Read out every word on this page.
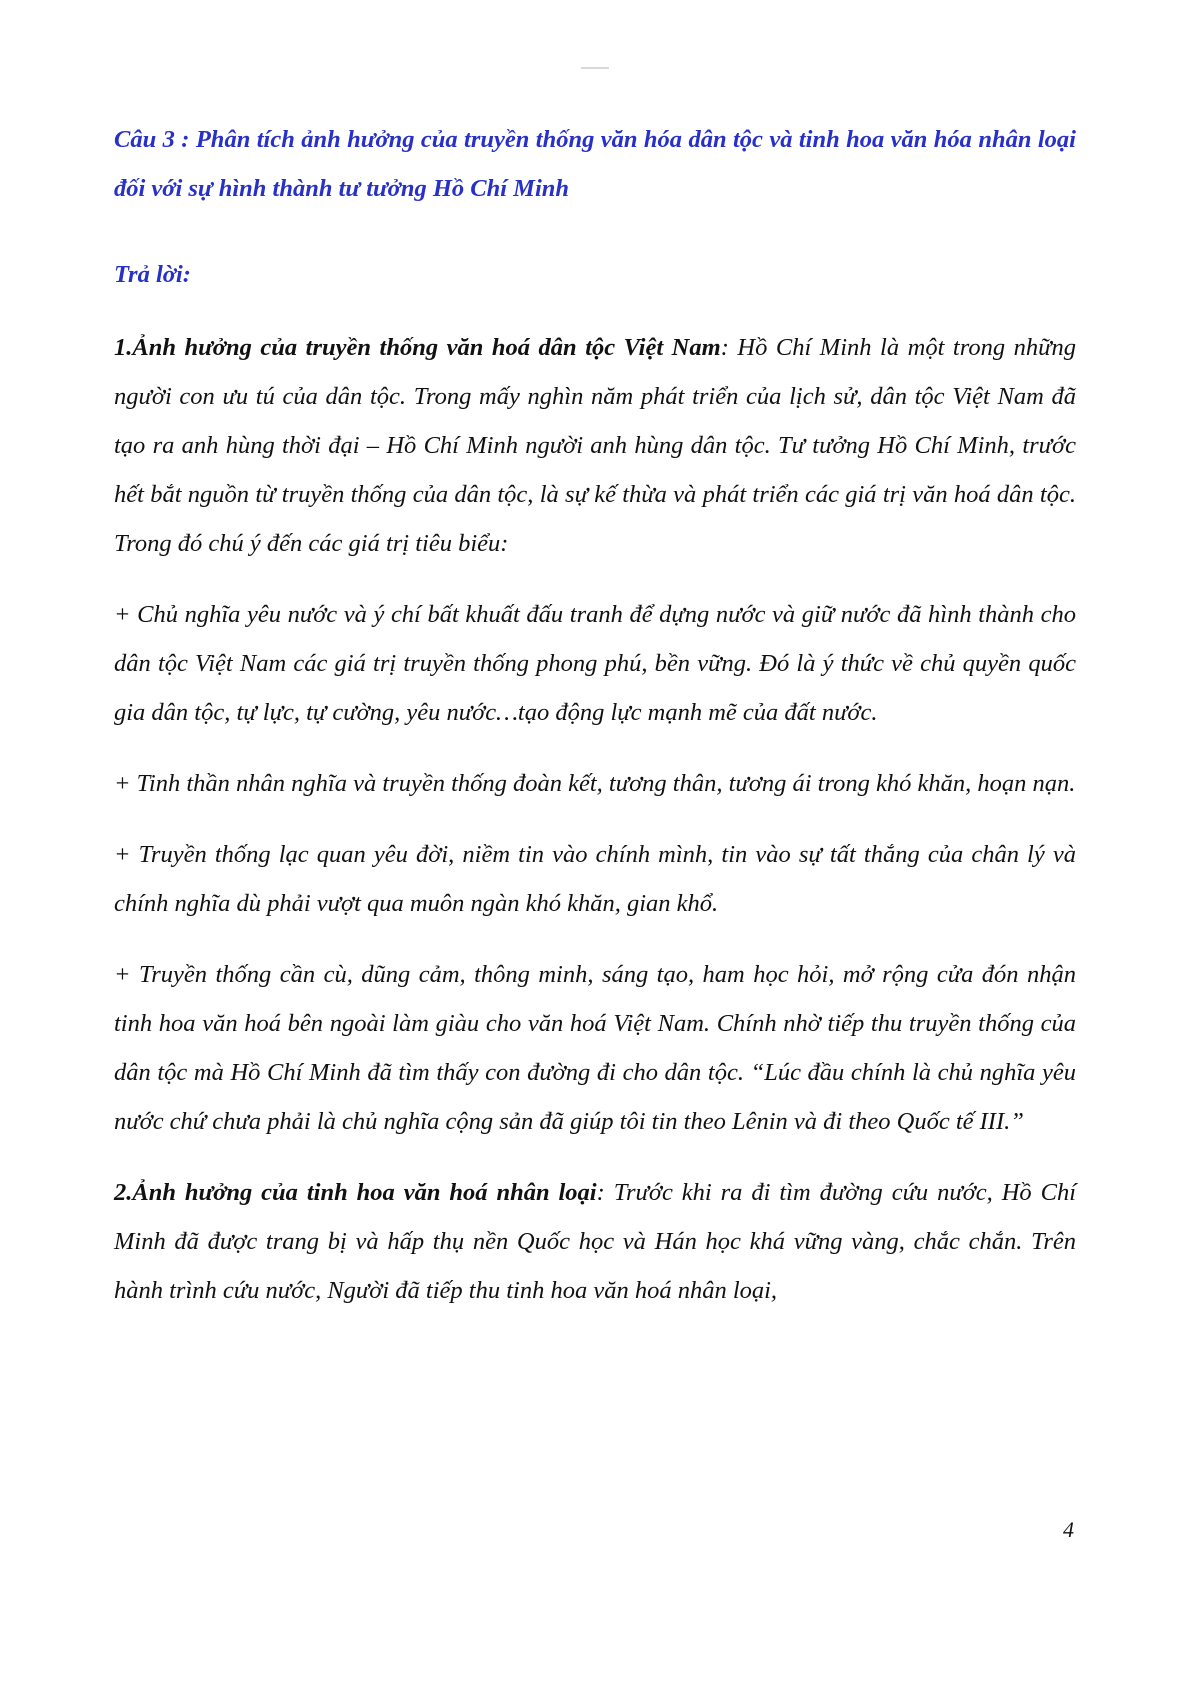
Câu 3 : Phân tích ảnh hưởng của truyền thống văn hóa dân tộc và tinh hoa văn hóa nhân loại đối với sự hình thành tư tưởng Hồ Chí Minh

Trả lời:

1.Ảnh hưởng của truyền thống văn hoá dân tộc Việt Nam: Hồ Chí Minh là một trong những người con ưu tú của dân tộc. Trong mấy nghìn năm phát triển của lịch sử, dân tộc Việt Nam đã tạo ra anh hùng thời đại – Hồ Chí Minh người anh hùng dân tộc. Tư tưởng Hồ Chí Minh, trước hết bắt nguồn từ truyền thống của dân tộc, là sự kế thừa và phát triển các giá trị văn hoá dân tộc. Trong đó chú ý đến các giá trị tiêu biểu:

+ Chủ nghĩa yêu nước và ý chí bất khuất đấu tranh để dựng nước và giữ nước đã hình thành cho dân tộc Việt Nam các giá trị truyền thống phong phú, bền vững. Đó là ý thức về chủ quyền quốc gia dân tộc, tự lực, tự cường, yêu nước…tạo động lực mạnh mẽ của đất nước.

+ Tinh thần nhân nghĩa và truyền thống đoàn kết, tương thân, tương ái trong khó khăn, hoạn nạn.

+ Truyền thống lạc quan yêu đời, niềm tin vào chính mình, tin vào sự tất thắng của chân lý và chính nghĩa dù phải vượt qua muôn ngàn khó khăn, gian khổ.

+ Truyền thống cần cù, dũng cảm, thông minh, sáng tạo, ham học hỏi, mở rộng cửa đón nhận tinh hoa văn hoá bên ngoài làm giàu cho văn hoá Việt Nam. Chính nhờ tiếp thu truyền thống của dân tộc mà Hồ Chí Minh đã tìm thấy con đường đi cho dân tộc. “Lúc đầu chính là chủ nghĩa yêu nước chứ chưa phải là chủ nghĩa cộng sản đã giúp tôi tin theo Lênin và đi theo Quốc tế III.”

2.Ảnh hưởng của tinh hoa văn hoá nhân loại: Trước khi ra đi tìm đường cứu nước, Hồ Chí Minh đã được trang bị và hấp thụ nền Quốc học và Hán học khá vững vàng, chắc chắn. Trên hành trình cứu nước, Người đã tiếp thu tinh hoa văn hoá nhân loại,

4
